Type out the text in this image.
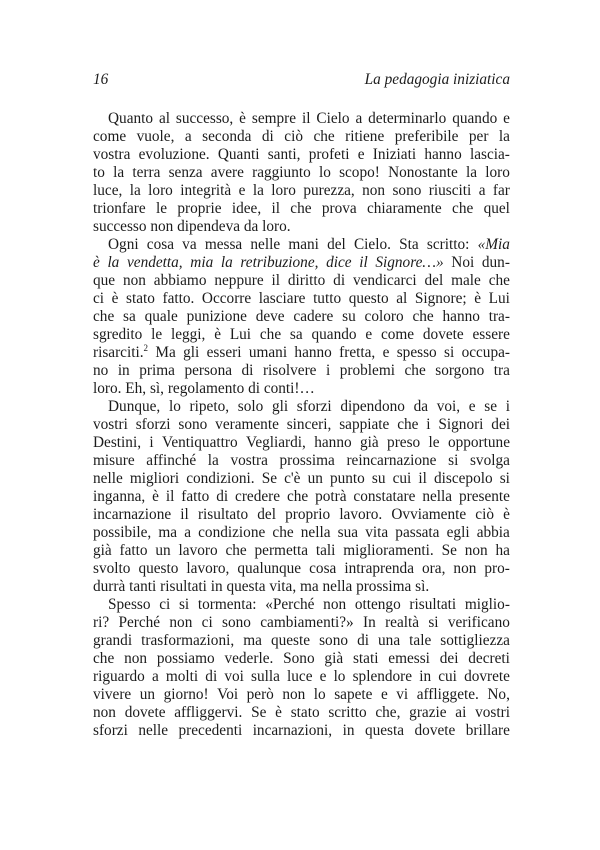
16	La pedagogia iniziatica
Quanto al successo, è sempre il Cielo a determinarlo quando e
come vuole, a seconda di ciò che ritiene preferibile per la
vostra evoluzione. Quanti santi, profeti e Iniziati hanno lascia-
to la terra senza avere raggiunto lo scopo! Nonostante la loro
luce, la loro integrità e la loro purezza, non sono riusciti a far
trionfare le proprie idee, il che prova chiaramente che quel
successo non dipendeva da loro.
Ogni cosa va messa nelle mani del Cielo. Sta scritto: «Mia
è la vendetta, mia la retribuzione, dice il Signore…» Noi dun-
que non abbiamo neppure il diritto di vendicarci del male che
ci è stato fatto. Occorre lasciare tutto questo al Signore; è Lui
che sa quale punizione deve cadere su coloro che hanno tra-
sgredito le leggi, è Lui che sa quando e come dovete essere
risarciti.$^2$ Ma gli esseri umani hanno fretta, e spesso si occupa-
no in prima persona di risolvere i problemi che sorgono tra
loro. Eh, sì, regolamento di conti!…
Dunque, lo ripeto, solo gli sforzi dipendono da voi, e se i
vostri sforzi sono veramente sinceri, sappiate che i Signori dei
Destini, i Ventiquattro Vegliardi, hanno già preso le opportune
misure affinché la vostra prossima reincarnazione si svolga
nelle migliori condizioni. Se c'è un punto su cui il discepolo si
inganna, è il fatto di credere che potrà constatare nella presente
incarnazione il risultato del proprio lavoro. Ovviamente ciò è
possibile, ma a condizione che nella sua vita passata egli abbia
già fatto un lavoro che permetta tali miglioramenti. Se non ha
svolto questo lavoro, qualunque cosa intraprenda ora, non pro-
durrà tanti risultati in questa vita, ma nella prossima sì.
Spesso ci si tormenta: «Perché non ottengo risultati miglio-
ri? Perché non ci sono cambiamenti?» In realtà si verificano
grandi trasformazioni, ma queste sono di una tale sottigliezza
che non possiamo vederle. Sono già stati emessi dei decreti
riguardo a molti di voi sulla luce e lo splendore in cui dovrete
vivere un giorno! Voi però non lo sapete e vi affliggete. No,
non dovete affliggervi. Se è stato scritto che, grazie ai vostri
sforzi nelle precedenti incarnazioni, in questa dovete brillare
